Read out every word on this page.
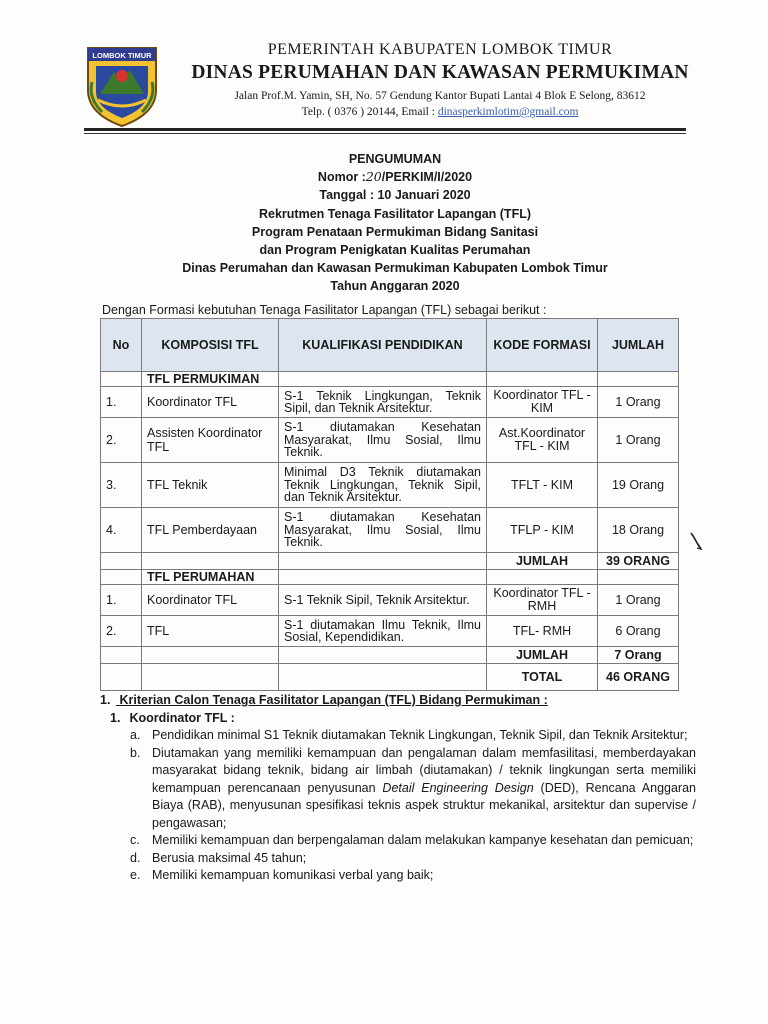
LOMBOK TIMUR	PEMERINTAH KABUPATEN LOMBOK TIMUR
DINAS PERUMAHAN DAN KAWASAN PERMUKIMAN
Jalan Prof.M. Yamin, SH, No. 57 Gendung Kantor Bupati Lantai 4 Blok E Selong, 83612
Telp. ( 0376 ) 20144, Email : dinasperkimlotim@gmail.com
PENGUMUMAN
Nomor :20/PERKIM/I/2020
Tanggal : 10 Januari 2020
Rekrutmen Tenaga Fasilitator Lapangan (TFL)
Program Penataan Permukiman Bidang Sanitasi
dan Program Penigkatan Kualitas Perumahan
Dinas Perumahan dan Kawasan Permukiman Kabupaten Lombok Timur
Tahun Anggaran 2020
Dengan Formasi kebutuhan Tenaga Fasilitator Lapangan (TFL) sebagai berikut :
No	KOMPOSISI TFL	KUALIFIKASI PENDIDIKAN	KODE FORMASI	JUMLAH
	TFL PERMUKIMAN			
1.	Koordinator TFL	S-1 Teknik Lingkungan, Teknik Sipil, dan Teknik Arsitektur.	Koordinator TFL - KIM	1 Orang
2.	Assisten Koordinator TFL	S-1 diutamakan Kesehatan Masyarakat, Ilmu Sosial, Ilmu Teknik.	Ast.Koordinator TFL - KIM	1 Orang
3.	TFL Teknik	Minimal D3 Teknik diutamakan Teknik Lingkungan, Teknik Sipil, dan Teknik Arsitektur.	TFLT - KIM	19 Orang
4.	TFL Pemberdayaan	S-1 diutamakan Kesehatan Masyarakat, Ilmu Sosial, Ilmu Teknik.	TFLP - KIM	18 Orang
			JUMLAH	39 ORANG
	TFL PERUMAHAN			
1.	Koordinator TFL	S-1 Teknik Sipil, Teknik Arsitektur.	Koordinator TFL - RMH	1 Orang
2.	TFL	S-1 diutamakan Ilmu Teknik, Ilmu Sosial, Kependidikan.	TFL- RMH	6 Orang
			JUMLAH	7 Orang
			TOTAL	46 ORANG
1. Kriterian Calon Tenaga Fasilitator Lapangan (TFL) Bidang Permukiman :
1. Koordinator TFL :
a. Pendidikan minimal S1 Teknik diutamakan Teknik Lingkungan, Teknik Sipil, dan Teknik Arsitektur;
b. Diutamakan yang memiliki kemampuan dan pengalaman dalam memfasilitasi, memberdayakan masyarakat bidang teknik, bidang air limbah (diutamakan) / teknik lingkungan serta memiliki kemampuan perencanaan penyusunan Detail Engineering Design (DED), Rencana Anggaran Biaya (RAB), menyusunan spesifikasi teknis aspek struktur mekanikal, arsitektur dan supervise / pengawasan;
c. Memiliki kemampuan dan berpengalaman dalam melakukan kampanye kesehatan dan pemicuan;
d. Berusia maksimal 45 tahun;
e. Memiliki kemampuan komunikasi verbal yang baik;
